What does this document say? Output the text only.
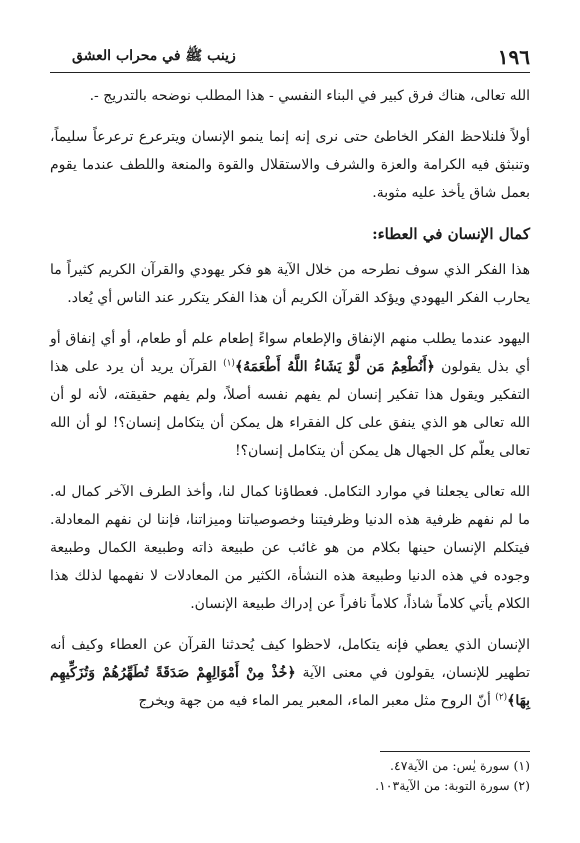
١٩٦
زينب ﷺ في محراب العشق

الله تعالى، هناك فرق كبير في البناء النفسي - هذا المطلب نوضحه بالتدريج -.

أولاً فلنلاحظ الفكر الخاطئ حتى نرى إنه إنما ينمو الإنسان ويترعرع ترعرعاً سليماً، وتنبثق فيه الكرامة والعزة والشرف والاستقلال والقوة والمنعة واللطف عندما يقوم بعمل شاق يأخذ عليه مثوبة.

كمال الإنسان في العطاء:

هذا الفكر الذي سوف نطرحه من خلال الآية هو فكر يهودي والقرآن الكريم كثيراً ما يحارب الفكر اليهودي ويؤكد القرآن الكريم أن هذا الفكر يتكرر عند الناس أي يُعاد.

اليهود عندما يطلب منهم الإنفاق والإطعام سواءً إطعام علم أو طعام، أو أي إنفاق أو أي بذل يقولون ﴿أَنُطْعِمُ مَن لَّوْ يَشَاءُ اللَّهُ أَطْعَمَهُ﴾$^{(١)}$ القرآن يريد أن يرد على هذا التفكير ويقول هذا تفكير إنسان لم يفهم نفسه أصلاً، ولم يفهم حقيقته، لأنه لو أن الله تعالى هو الذي ينفق على كل الفقراء هل يمكن أن يتكامل إنسان؟! لو أن الله تعالى يعلّم كل الجهال هل يمكن أن يتكامل إنسان؟!

الله تعالى يجعلنا في موارد التكامل. فعطاؤنا كمال لنا، وأخذ الطرف الآخر كمال له. ما لم نفهم ظرفية هذه الدنيا وظرفيتنا وخصوصياتنا وميزاتنا، فإننا لن نفهم المعادلة. فيتكلم الإنسان حينها بكلام من هو غائب عن طبيعة ذاته وطبيعة الكمال وطبيعة وجوده في هذه الدنيا وطبيعة هذه النشأة، الكثير من المعادلات لا نفهمها لذلك هذا الكلام يأتي كلاماً شاذاً، كلاماً نافراً عن إدراك طبيعة الإنسان.

الإنسان الذي يعطي فإنه يتكامل، لاحظوا كيف يُحدثنا القرآن عن العطاء وكيف أنه تطهير للإنسان، يقولون في معنى الآية ﴿خُذْ مِنْ أَمْوَالِهِمْ صَدَقَةً تُطَهِّرُهُمْ وَتُزَكِّيهِم بِهَا﴾$^{(٢)}$ أنّ الروح مثل معبر الماء، المعبر يمر الماء فيه من جهة ويخرج

(١) سورة يٰس: من الآية٤٧.
(٢) سورة التوبة: من الآية١٠٣.
